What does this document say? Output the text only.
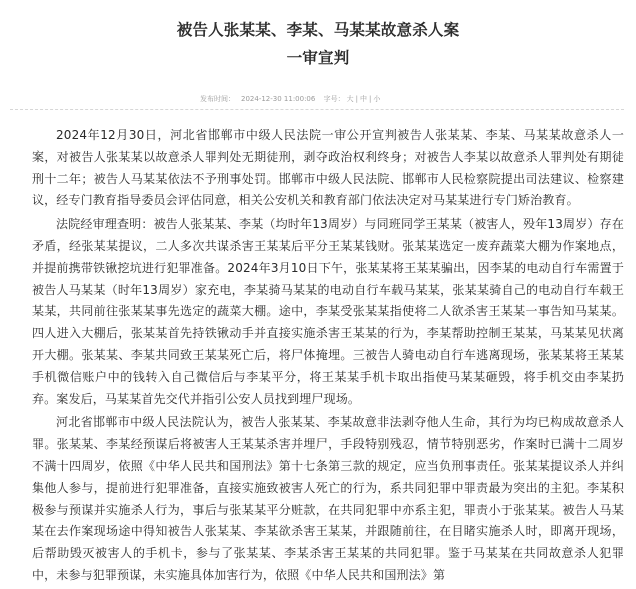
被告人张某某、李某、马某某故意杀人案
一审宣判
发布时间： 2024-12-30 11:00:06 字号： 大 | 中 | 小

2024年12月30日，河北省邯郸市中级人民法院一审公开宣判被告人张某某、李某、马某某故意杀人一案，对被告人张某某以故意杀人罪判处无期徒刑，剥夺政治权利终身；对被告人李某以故意杀人罪判处有期徒刑十二年；被告人马某某依法不予刑事处罚。邯郸市中级人民法院、邯郸市人民检察院提出司法建议、检察建议，经专门教育指导委员会评估同意，相关公安机关和教育部门依法决定对马某某进行专门矫治教育。

法院经审理查明：被告人张某某、李某（均时年13周岁）与同班同学王某某（被害人，殁年13周岁）存在矛盾，经张某某提议，二人多次共谋杀害王某某后平分王某某钱财。张某某选定一废弃蔬菜大棚为作案地点，并提前携带铁锹挖坑进行犯罪准备。2024年3月10日下午，张某某将王某某骗出，因李某的电动自行车需置于被告人马某某（时年13周岁）家充电，李某骑马某某的电动自行车载马某某，张某某骑自己的电动自行车载王某某，共同前往张某某事先选定的蔬菜大棚。途中，李某受张某某指使将二人欲杀害王某某一事告知马某某。四人进入大棚后，张某某首先持铁锹动手并直接实施杀害王某某的行为，李某帮助控制王某某，马某某见状离开大棚。张某某、李某共同致王某某死亡后，将尸体掩埋。三被告人骑电动自行车逃离现场，张某某将王某某手机微信账户中的钱转入自己微信后与李某平分，将王某某手机卡取出指使马某某砸毁，将手机交由李某扔弃。案发后，马某某首先交代并指引公安人员找到埋尸现场。

河北省邯郸市中级人民法院认为，被告人张某某、李某故意非法剥夺他人生命，其行为均已构成故意杀人罪。张某某、李某经预谋后将被害人王某某杀害并埋尸，手段特别残忍，情节特别恶劣，作案时已满十二周岁不满十四周岁，依照《中华人民共和国刑法》第十七条第三款的规定，应当负刑事责任。张某某提议杀人并纠集他人参与，提前进行犯罪准备，直接实施致被害人死亡的行为，系共同犯罪中罪责最为突出的主犯。李某积极参与预谋并实施杀人行为，事后与张某某平分赃款，在共同犯罪中亦系主犯，罪责小于张某某。被告人马某某在去作案现场途中得知被告人张某某、李某欲杀害王某某，并跟随前往，在目睹实施杀人时，即离开现场，后帮助毁灭被害人的手机卡，参与了张某某、李某杀害王某某的共同犯罪。鉴于马某某在共同故意杀人犯罪中，未参与犯罪预谋，未实施具体加害行为，依照《中华人民共和国刑法》第
